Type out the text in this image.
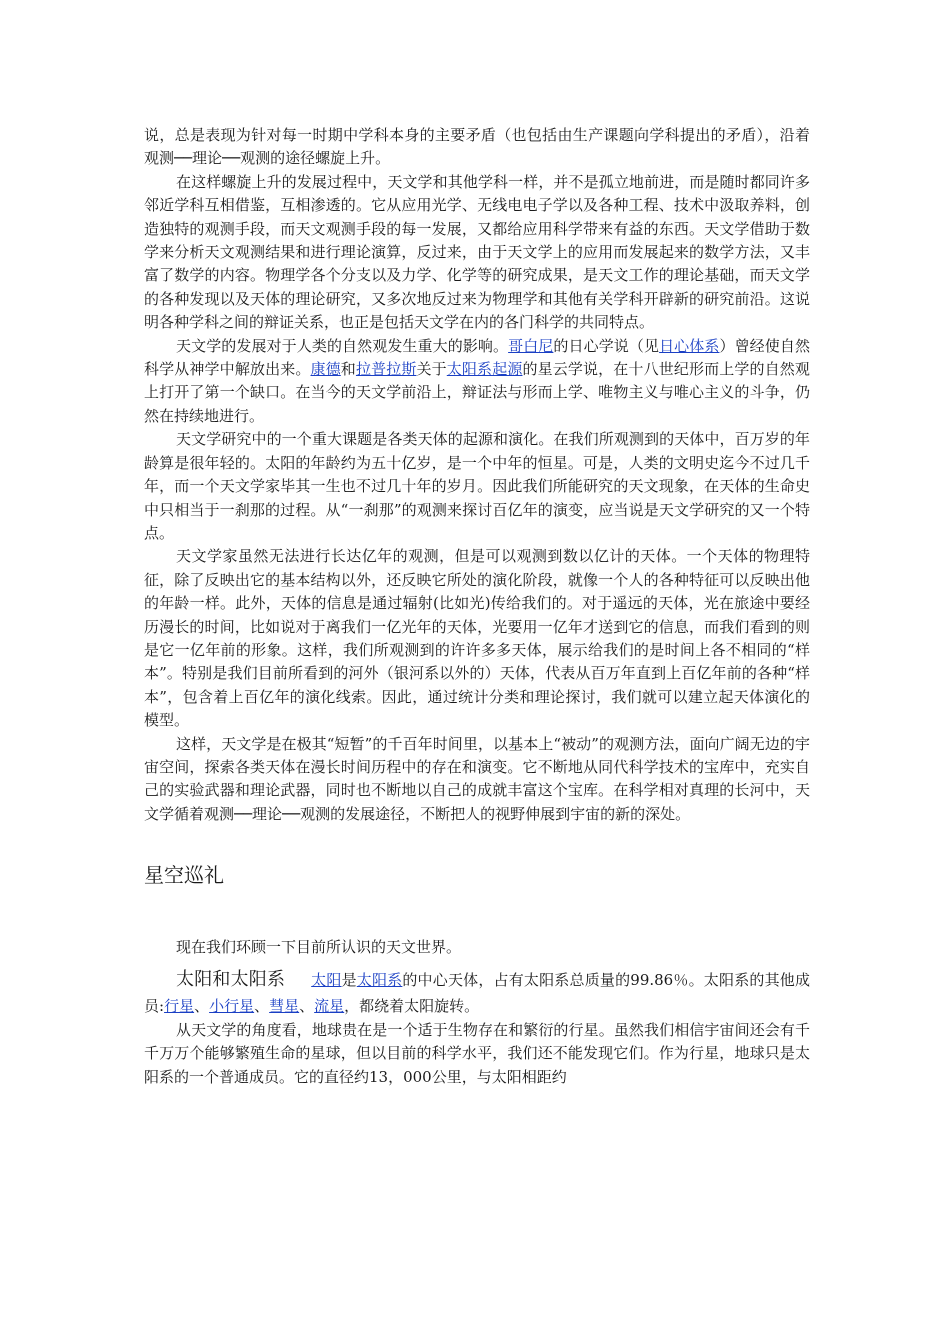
说，总是表现为针对每一时期中学科本身的主要矛盾（也包括由生产课题向学科提出的矛盾），沿着观测──理论──观测的途径螺旋上升。

在这样螺旋上升的发展过程中，天文学和其他学科一样，并不是孤立地前进，而是随时都同许多邻近学科互相借鉴，互相渗透的。它从应用光学、无线电电子学以及各种工程、技术中汲取养料，创造独特的观测手段，而天文观测手段的每一发展，又都给应用科学带来有益的东西。天文学借助于数学来分析天文观测结果和进行理论演算，反过来，由于天文学上的应用而发展起来的数学方法，又丰富了数学的内容。物理学各个分支以及力学、化学等的研究成果，是天文工作的理论基础，而天文学的各种发现以及天体的理论研究，又多次地反过来为物理学和其他有关学科开辟新的研究前沿。这说明各种学科之间的辩证关系，也正是包括天文学在内的各门科学的共同特点。

天文学的发展对于人类的自然观发生重大的影响。哥白尼的日心学说（见日心体系）曾经使自然科学从神学中解放出来。康德和拉普拉斯关于太阳系起源的星云学说，在十八世纪形而上学的自然观上打开了第一个缺口。在当今的天文学前沿上，辩证法与形而上学、唯物主义与唯心主义的斗争，仍然在持续地进行。

天文学研究中的一个重大课题是各类天体的起源和演化。在我们所观测到的天体中，百万岁的年龄算是很年轻的。太阳的年龄约为五十亿岁，是一个中年的恒星。可是，人类的文明史迄今不过几千年，而一个天文学家毕其一生也不过几十年的岁月。因此我们所能研究的天文现象，在天体的生命史中只相当于一刹那的过程。从“一刹那”的观测来探讨百亿年的演变，应当说是天文学研究的又一个特点。

天文学家虽然无法进行长达亿年的观测，但是可以观测到数以亿计的天体。一个天体的物理特征，除了反映出它的基本结构以外，还反映它所处的演化阶段，就像一个人的各种特征可以反映出他的年龄一样。此外，天体的信息是通过辐射(比如光)传给我们的。对于遥远的天体，光在旅途中要经历漫长的时间，比如说对于离我们一亿光年的天体，光要用一亿年才送到它的信息，而我们看到的则是它一亿年前的形象。这样，我们所观测到的许许多多天体，展示给我们的是时间上各不相同的“样本”。特别是我们目前所看到的河外（银河系以外的）天体，代表从百万年直到上百亿年前的各种“样本”，包含着上百亿年的演化线索。因此，通过统计分类和理论探讨，我们就可以建立起天体演化的模型。

这样，天文学是在极其“短暂”的千百年时间里，以基本上“被动”的观测方法，面向广阔无边的宇宙空间，探索各类天体在漫长时间历程中的存在和演变。它不断地从同代科学技术的宝库中，充实自己的实验武器和理论武器，同时也不断地以自己的成就丰富这个宝库。在科学相对真理的长河中，天文学循着观测──理论──观测的发展途径，不断把人的视野伸展到宇宙的新的深处。

星空巡礼

现在我们环顾一下目前所认识的天文世界。

太阳和太阳系 太阳是太阳系的中心天体，占有太阳系总质量的99.86％。太阳系的其他成员:行星、小行星、彗星、流星，都绕着太阳旋转。

从天文学的角度看，地球贵在是一个适于生物存在和繁衍的行星。虽然我们相信宇宙间还会有千千万万个能够繁殖生命的星球，但以目前的科学水平，我们还不能发现它们。作为行星，地球只是太阳系的一个普通成员。它的直径约13，000公里，与太阳相距约
